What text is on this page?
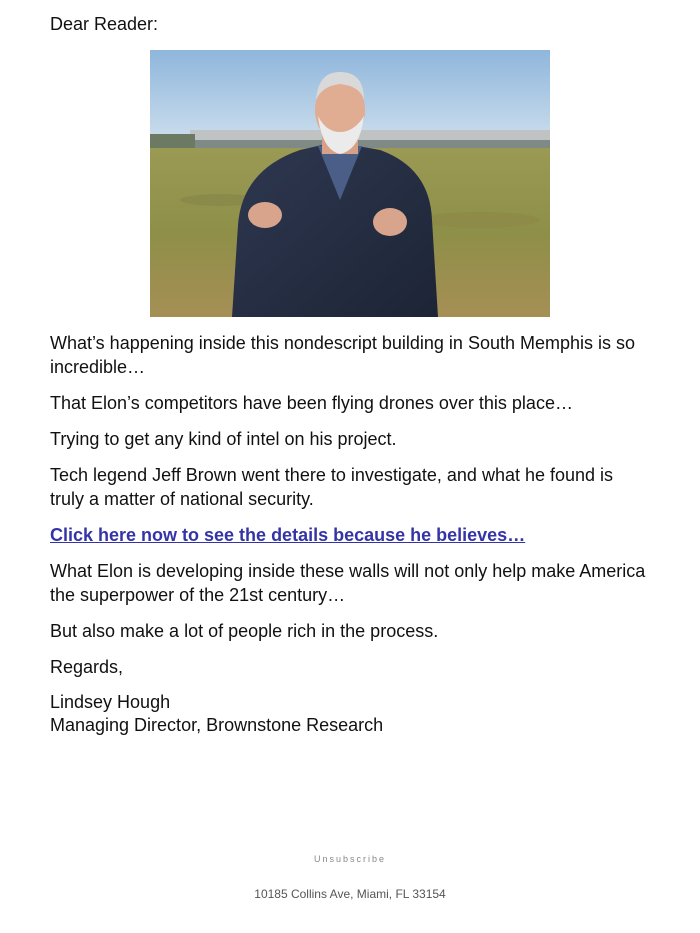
Dear Reader:
What’s happening inside this nondescript building in South Memphis is so incredible…
That Elon’s competitors have been flying drones over this place…
Trying to get any kind of intel on his project.
Tech legend Jeff Brown went there to investigate, and what he found is truly a matter of national security.
Click here now to see the details because he believes…
What Elon is developing inside these walls will not only help make America the superpower of the 21st century…
But also make a lot of people rich in the process.
Regards,
Lindsey Hough
Managing Director, Brownstone Research
Unsubscribe
10185 Collins Ave, Miami, FL 33154
